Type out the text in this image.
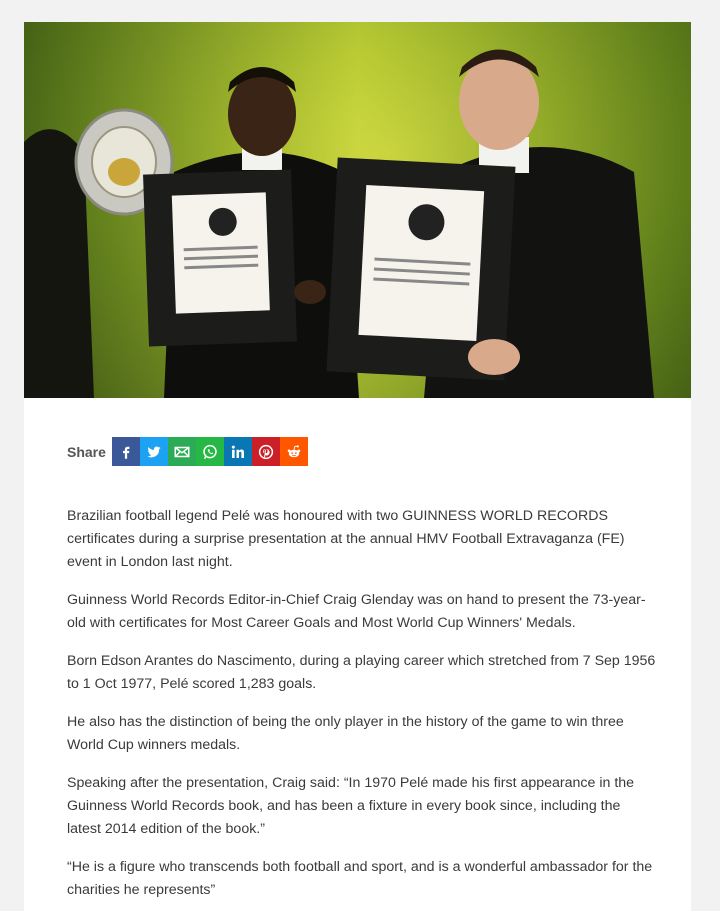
Share

Brazilian football legend Pelé was honoured with two GUINNESS WORLD RECORDS certificates during a surprise presentation at the annual HMV Football Extravaganza (FE) event in London last night.

Guinness World Records Editor-in-Chief Craig Glenday was on hand to present the 73-year-old with certificates for Most Career Goals and Most World Cup Winners' Medals.

Born Edson Arantes do Nascimento, during a playing career which stretched from 7 Sep 1956 to 1 Oct 1977, Pelé scored 1,283 goals.

He also has the distinction of being the only player in the history of the game to win three World Cup winners medals.

Speaking after the presentation, Craig said: “In 1970 Pelé made his first appearance in the Guinness World Records book, and has been a fixture in every book since, including the latest 2014 edition of the book.”

“He is a figure who transcends both football and sport, and is a wonderful ambassador for the charities he represents”
